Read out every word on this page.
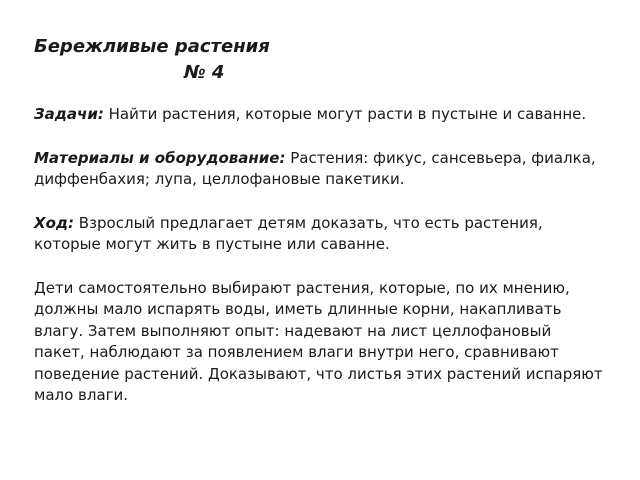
Бережливые растения
№ 4

Задачи: Найти растения, которые могут расти в пустыне и саванне.

Материалы и оборудование: Растения: фикус, сансевьера, фиалка, диффенбахия; лупа, целлофановые пакетики.

Ход: Взрослый предлагает детям доказать, что есть растения, которые могут жить в пустыне или саванне.

Дети самостоятельно выбирают растения, которые, по их мнению, должны мало испарять воды, иметь длинные корни, накапливать влагу. Затем выполняют опыт: надевают на лист целлофановый пакет, наблюдают за появлением влаги внутри него, сравнивают поведение растений. Доказывают, что листья этих растений испаряют мало влаги.
